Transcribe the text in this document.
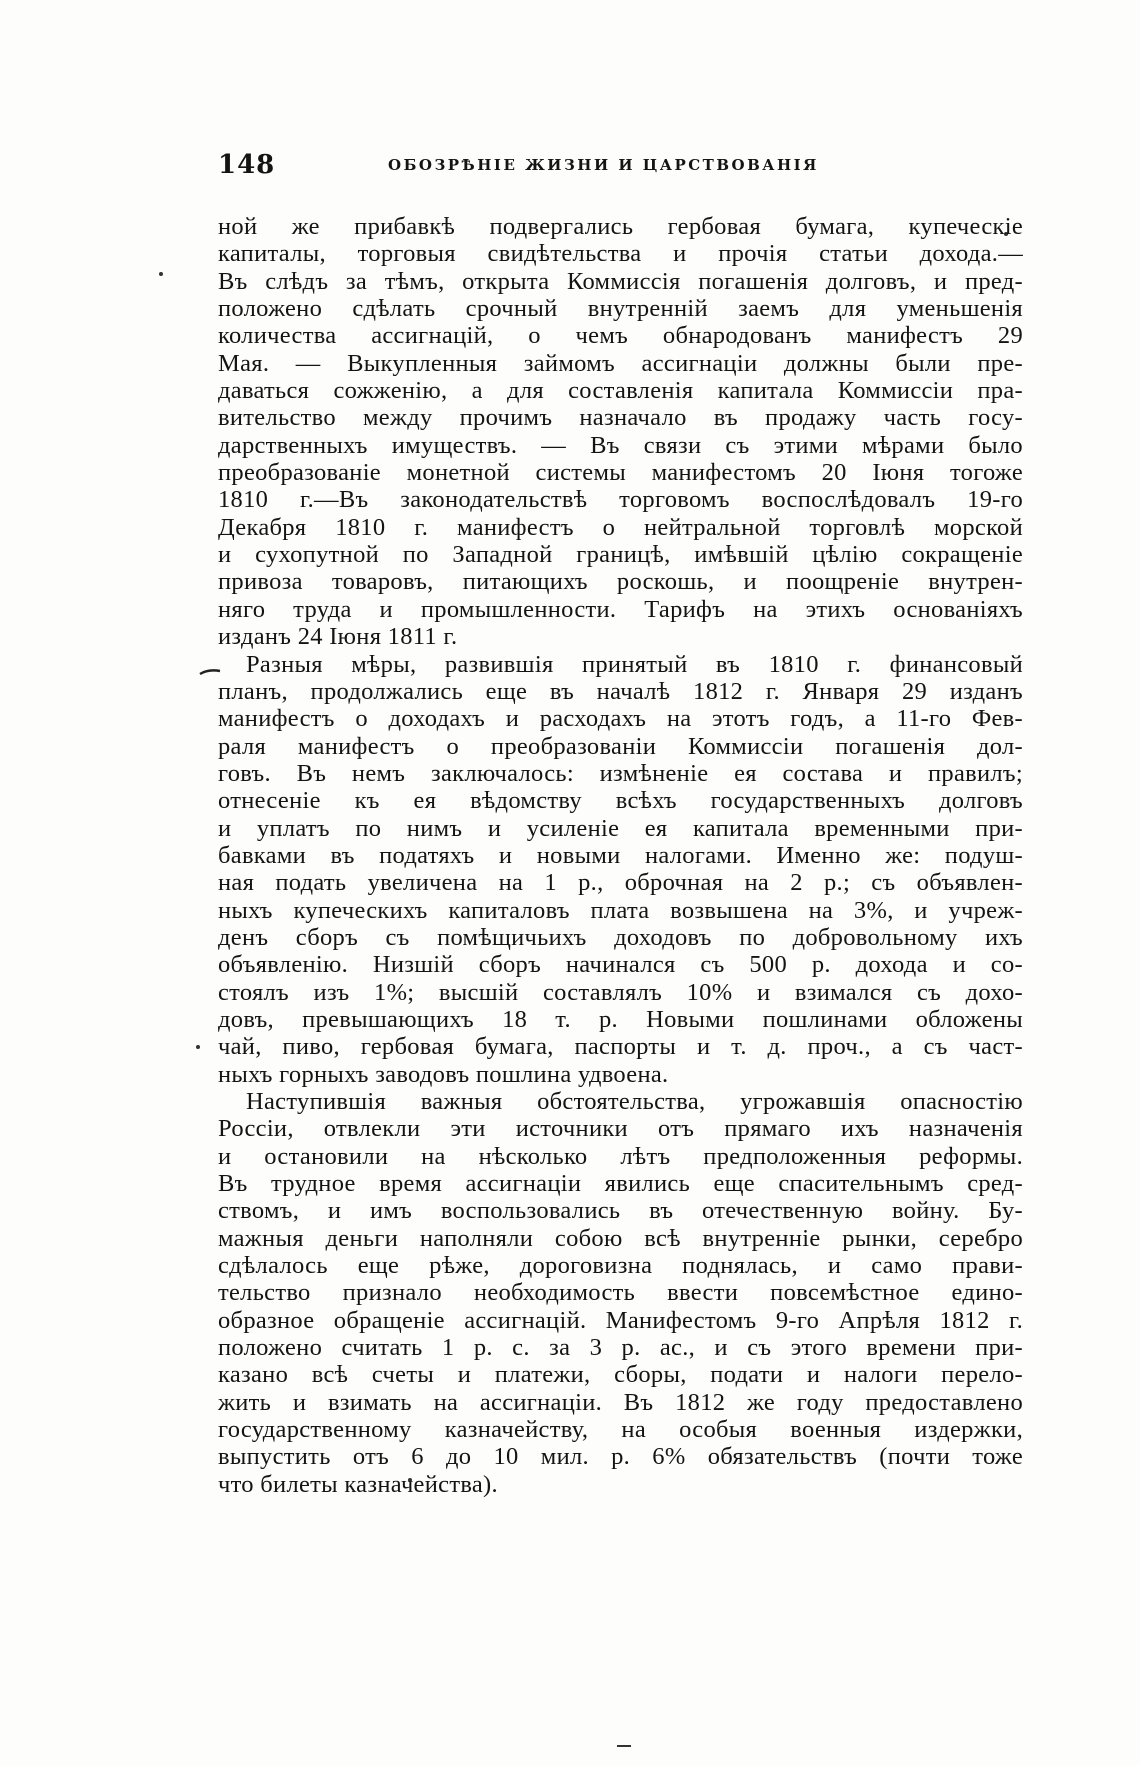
148	ОБОЗРѢНІЕ ЖИЗНИ И ЦАРСТВОВАНІЯ
ной же прибавкѣ подвергались гербовая бумага, купеческіе
капиталы, торговыя свидѣтельства и прочія статьи дохода.—
Въ слѣдъ за тѣмъ, открыта Коммиссія погашенія долговъ, и пред-
положено сдѣлать срочный внутренній заемъ для уменьшенія
количества ассигнацій, о чемъ обнародованъ манифестъ 29
Мая. — Выкупленныя займомъ ассигнаціи должны были пре-
даваться сожженію, а для составленія капитала Коммиссіи пра-
вительство между прочимъ назначало въ продажу часть госу-
дарственныхъ имуществъ. — Въ связи съ этими мѣрами было
преобразованіе монетной системы манифестомъ 20 Іюня тогоже
1810 г.—Въ законодательствѣ торговомъ воспослѣдовалъ 19-го
Декабря 1810 г. манифестъ о нейтральной торговлѣ морской
и сухопутной по Западной границѣ, имѣвшій цѣлію сокращеніе
привоза товаровъ, питающихъ роскошь, и поощреніе внутрен-
няго труда и промышленности. Тарифъ на этихъ основаніяхъ
изданъ 24 Іюня 1811 г.
Разныя мѣры, развившія принятый въ 1810 г. финансовый
планъ, продолжались еще въ началѣ 1812 г. Января 29 изданъ
манифестъ о доходахъ и расходахъ на этотъ годъ, а 11-го Фев-
раля манифестъ о преобразованіи Коммиссіи погашенія дол-
говъ. Въ немъ заключалось: измѣненіе ея состава и правилъ;
отнесеніе къ ея вѣдомству всѣхъ государственныхъ долговъ
и уплатъ по нимъ и усиленіе ея капитала временными при-
бавками въ податяхъ и новыми налогами. Именно же: подуш-
ная подать увеличена на 1 р., оброчная на 2 р.; съ объявлен-
ныхъ купеческихъ капиталовъ плата возвышена на 3%, и учреж-
денъ сборъ съ помѣщичьихъ доходовъ по добровольному ихъ
объявленію. Низшій сборъ начинался съ 500 р. дохода и со-
стоялъ изъ 1%; высшій составлялъ 10% и взимался съ дохо-
довъ, превышающихъ 18 т. р. Новыми пошлинами обложены
чай, пиво, гербовая бумага, паспорты и т. д. проч., а съ част-
ныхъ горныхъ заводовъ пошлина удвоена.
Наступившія важныя обстоятельства, угрожавшія опасностію
Россіи, отвлекли эти источники отъ прямаго ихъ назначенія
и остановили на нѣсколько лѣтъ предположенныя реформы.
Въ трудное время ассигнаціи явились еще спасительнымъ сред-
ствомъ, и имъ воспользовались въ отечественную войну. Бу-
мажныя деньги наполняли собою всѣ внутренніе рынки, серебро
сдѣлалось еще рѣже, дороговизна поднялась, и само прави-
тельство признало необходимость ввести повсемѣстное едино-
образное обращеніе ассигнацій. Манифестомъ 9-го Апрѣля 1812 г.
положено считать 1 р. с. за 3 р. ас., и съ этого времени при-
казано всѣ счеты и платежи, сборы, подати и налоги перело-
жить и взимать на ассигнаціи. Въ 1812 же году предоставлено
государственному казначейству, на особыя военныя издержки,
выпустить отъ 6 до 10 мил. р. 6% обязательствъ (почти тоже
что билеты казначейства).
